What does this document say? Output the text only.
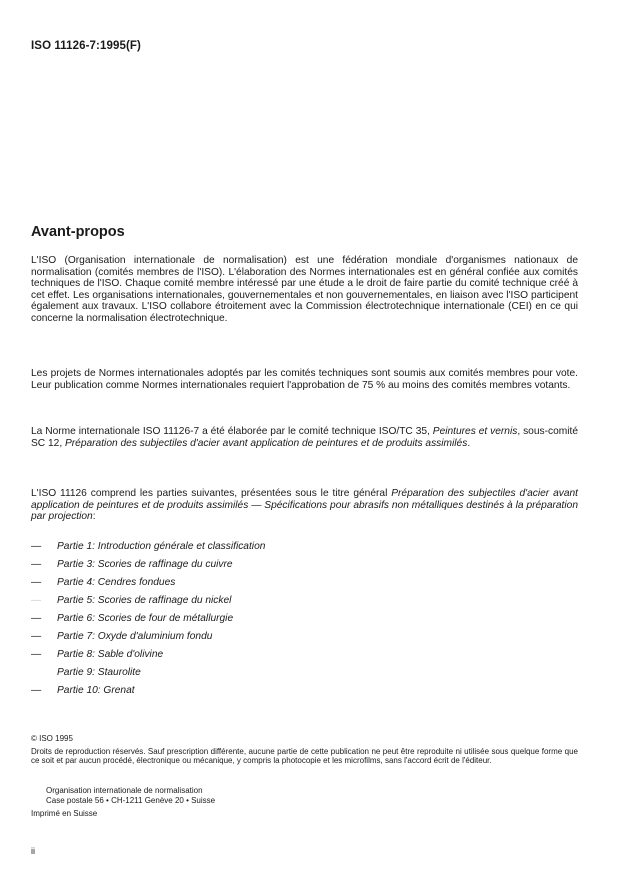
ISO 11126-7:1995(F)
Avant-propos

L'ISO (Organisation internationale de normalisation) est une fédération mondiale d'organismes nationaux de normalisation (comités membres de l'ISO). L'élaboration des Normes internationales est en général confiée aux comités techniques de l'ISO. Chaque comité membre intéressé par une étude a le droit de faire partie du comité technique créé à cet effet. Les organisations internationales, gouvernementales et non gouvernementales, en liaison avec l'ISO participent également aux travaux. L'ISO collabore étroitement avec la Commission électrotechnique internationale (CEI) en ce qui concerne la normalisation électrotechnique.

Les projets de Normes internationales adoptés par les comités techniques sont soumis aux comités membres pour vote. Leur publication comme Normes internationales requiert l'approbation de 75 % au moins des comités membres votants.

La Norme internationale ISO 11126-7 a été élaborée par le comité technique ISO/TC 35, Peintures et vernis, sous-comité SC 12, Préparation des subjectiles d'acier avant application de peintures et de produits assimilés.

L'ISO 11126 comprend les parties suivantes, présentées sous le titre général Préparation des subjectiles d'acier avant application de peintures et de produits assimilés — Spécifications pour abrasifs non métalliques destinés à la préparation par projection:

—	Partie 1: Introduction générale et classification
—	Partie 3: Scories de raffinage du cuivre
—	Partie 4: Cendres fondues
—	Partie 5: Scories de raffinage du nickel
—	Partie 6: Scories de four de métallurgie
—	Partie 7: Oxyde d'aluminium fondu
—	Partie 8: Sable d'olivine
Partie 9: Staurolite
—	Partie 10: Grenat
© ISO 1995

Droits de reproduction réservés. Sauf prescription différente, aucune partie de cette publication ne peut être reproduite ni utilisée sous quelque forme que ce soit et par aucun procédé, électronique ou mécanique, y compris la photocopie et les microfilms, sans l'accord écrit de l'éditeur.

Organisation internationale de normalisation
Case postale 56 • CH-1211 Genève 20 • Suisse
Imprimé en Suisse
ii
